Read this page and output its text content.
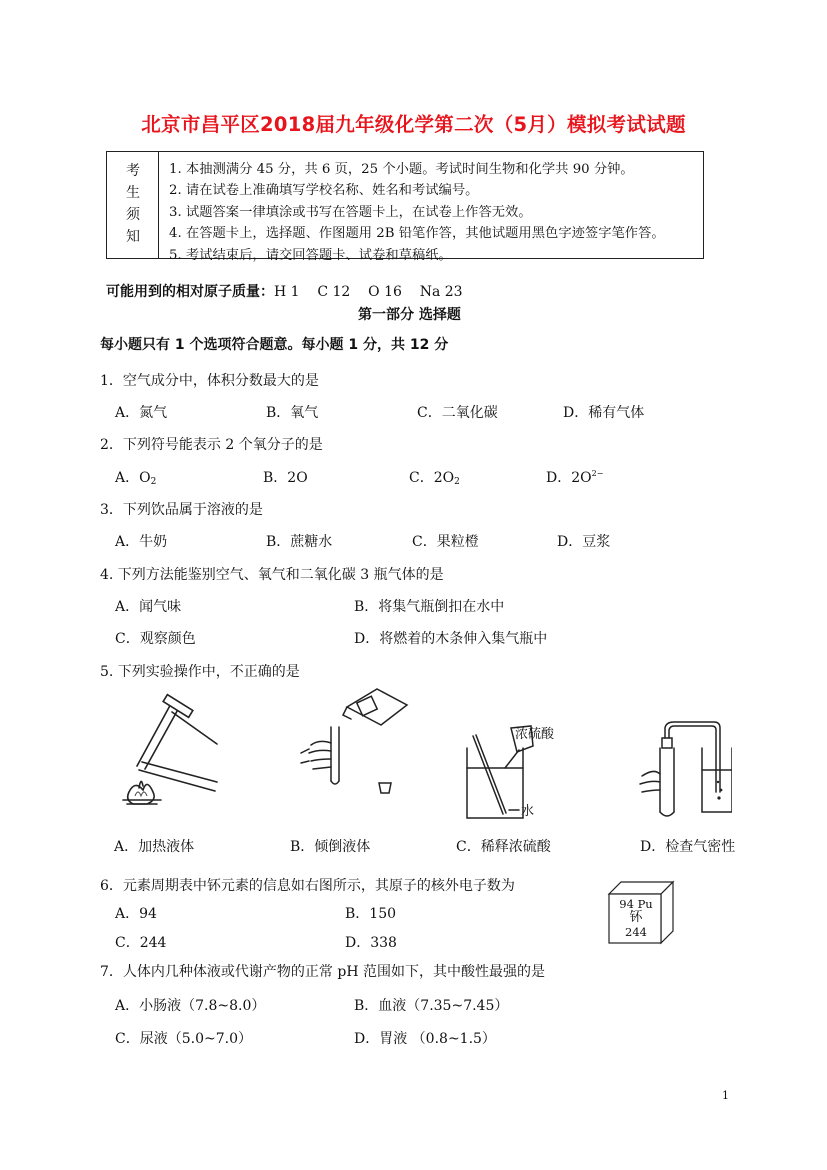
北京市昌平区2018届九年级化学第二次（5月）模拟考试试题
考
生
须
知
1. 本抽测满分 45 分，共 6 页，25 个小题。考试时间生物和化学共 90 分钟。
2. 请在试卷上准确填写学校名称、姓名和考试编号。
3. 试题答案一律填涂或书写在答题卡上，在试卷上作答无效。
4. 在答题卡上，选择题、作图题用 2B 铅笔作答，其他试题用黑色字迹签字笔作答。
5. 考试结束后，请交回答题卡、试卷和草稿纸。
可能用到的相对原子质量：H 1    C 12    O 16    Na 23
第一部分 选择题
每小题只有 1 个选项符合题意。每小题 1 分，共 12 分
1．空气成分中，体积分数最大的是
A．氮气	B．氧气	C．二氧化碳	D．稀有气体
2．下列符号能表示 2 个氧分子的是
A．$O_2$	B．2O	C．$2O_2$	D．$2O^{2-}$
3．下列饮品属于溶液的是
A．牛奶	B．蔗糖水	C．果粒橙	D．豆浆
4. 下列方法能鉴别空气、氧气和二氧化碳 3 瓶气体的是
A．闻气味	B．将集气瓶倒扣在水中
C．观察颜色	D．将燃着的木条伸入集气瓶中
5. 下列实验操作中，不正确的是
浓硫酸
水
A．加热液体	B．倾倒液体	C．稀释浓硫酸	D．检查气密性
6．元素周期表中钚元素的信息如右图所示，其原子的核外电子数为
A．94	B．150
C．244	D．338
94 Pu
钚
244
7．人体内几种体液或代谢产物的正常 pH 范围如下，其中酸性最强的是
A．小肠液（7.8~8.0）	B．血液（7.35~7.45）
C．尿液（5.0~7.0）	D．胃液 （0.8~1.5）
1
